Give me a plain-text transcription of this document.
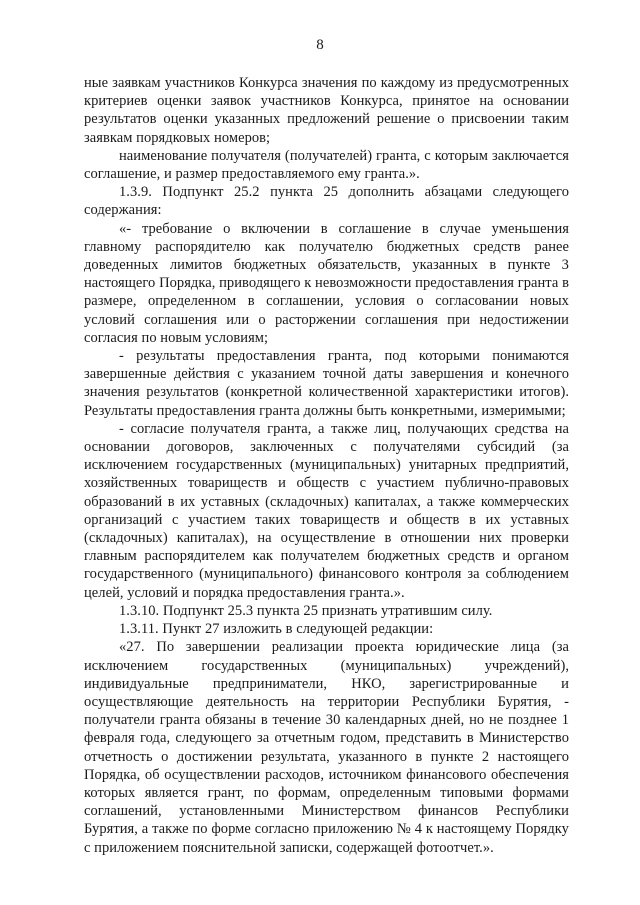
8

ные заявкам участников Конкурса значения по каждому из предусмотренных критериев оценки заявок участников Конкурса, принятое на основании результатов оценки указанных предложений решение о присвоении таким заявкам порядковых номеров;

наименование получателя (получателей) гранта, с которым заключается соглашение, и размер предоставляемого ему гранта.».

1.3.9. Подпункт 25.2 пункта 25 дополнить абзацами следующего содержания:

«- требование о включении в соглашение в случае уменьшения главному распорядителю как получателю бюджетных средств ранее доведенных лимитов бюджетных обязательств, указанных в пункте 3 настоящего Порядка, приводящего к невозможности предоставления гранта в размере, определенном в соглашении, условия о согласовании новых условий соглашения или о расторжении соглашения при недостижении согласия по новым условиям;

- результаты предоставления гранта, под которыми понимаются завершенные действия с указанием точной даты завершения и конечного значения результатов (конкретной количественной характеристики итогов). Результаты предоставления гранта должны быть конкретными, измеримыми;

- согласие получателя гранта, а также лиц, получающих средства на основании договоров, заключенных с получателями субсидий (за исключением государственных (муниципальных) унитарных предприятий, хозяйственных товариществ и обществ с участием публично-правовых образований в их уставных (складочных) капиталах, а также коммерческих организаций с участием таких товариществ и обществ в их уставных (складочных) капиталах), на осуществление в отношении них проверки главным распорядителем как получателем бюджетных средств и органом государственного (муниципального) финансового контроля за соблюдением целей, условий и порядка предоставления гранта.».

1.3.10. Подпункт 25.3 пункта 25 признать утратившим силу.

1.3.11. Пункт 27 изложить в следующей редакции:

«27. По завершении реализации проекта юридические лица (за исключением государственных (муниципальных) учреждений), индивидуальные предприниматели, НКО, зарегистрированные и осуществляющие деятельность на территории Республики Бурятия, - получатели гранта обязаны в течение 30 календарных дней, но не позднее 1 февраля года, следующего за отчетным годом, представить в Министерство отчетность о достижении результата, указанного в пункте 2 настоящего Порядка, об осуществлении расходов, источником финансового обеспечения которых является грант, по формам, определенным типовыми формами соглашений, установленными Министерством финансов Республики Бурятия, а также по форме согласно приложению № 4 к настоящему Порядку с приложением пояснительной записки, содержащей фотоотчет.».
